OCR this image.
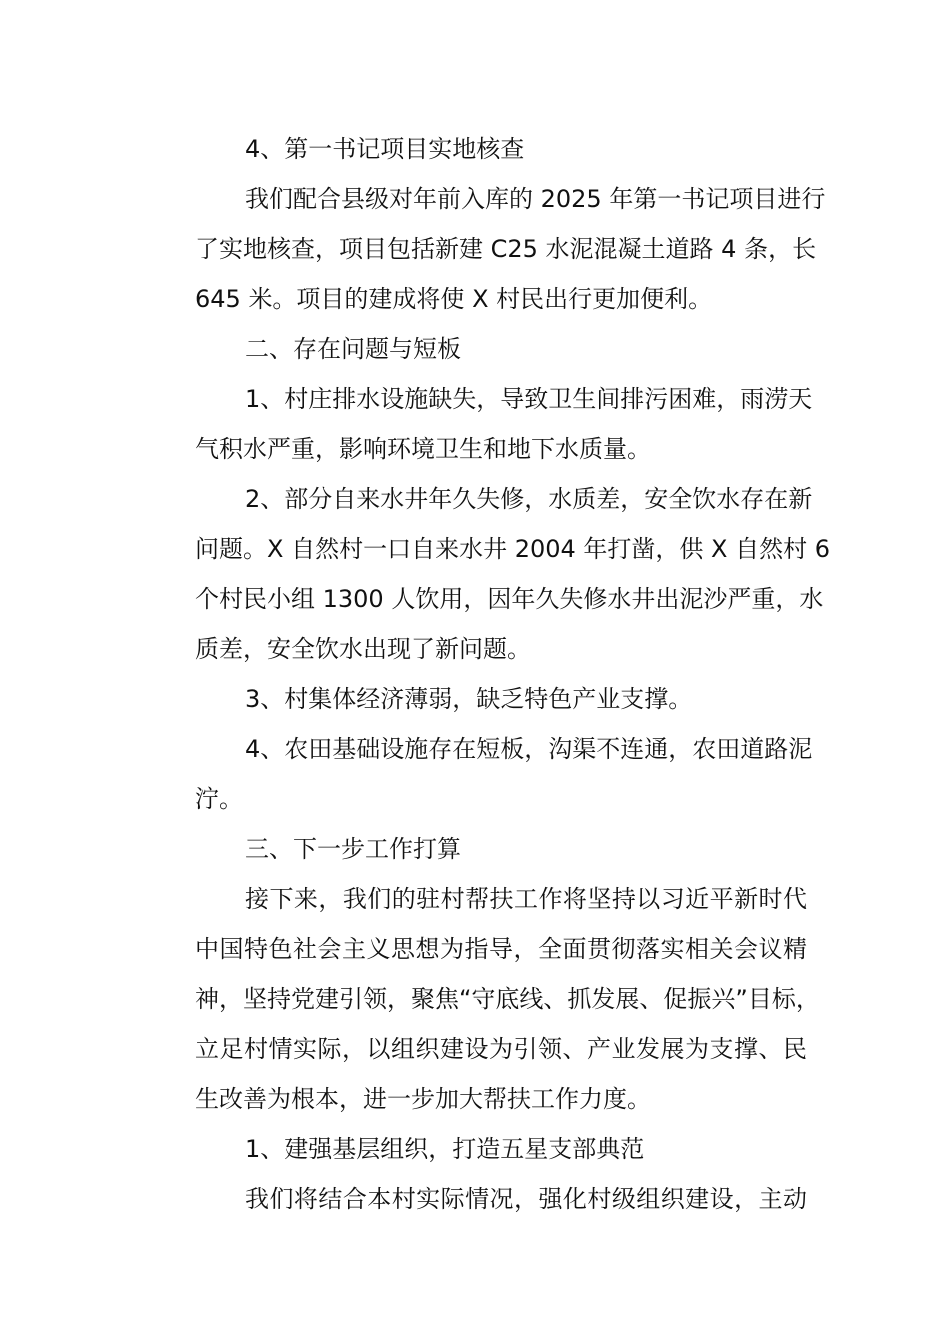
4、第一书记项目实地核查
我们配合县级对年前入库的 2025 年第一书记项目进行
了实地核查，项目包括新建 C25 水泥混凝土道路 4 条，长
645 米。项目的建成将使 X 村民出行更加便利。
二、存在问题与短板
1、村庄排水设施缺失，导致卫生间排污困难，雨涝天
气积水严重，影响环境卫生和地下水质量。
2、部分自来水井年久失修，水质差，安全饮水存在新
问题。X 自然村一口自来水井 2004 年打凿，供 X 自然村 6
个村民小组 1300 人饮用，因年久失修水井出泥沙严重，水
质差，安全饮水出现了新问题。
3、村集体经济薄弱，缺乏特色产业支撑。
4、农田基础设施存在短板，沟渠不连通，农田道路泥
泞。
三、下一步工作打算
接下来，我们的驻村帮扶工作将坚持以习近平新时代
中国特色社会主义思想为指导，全面贯彻落实相关会议精
神，坚持党建引领，聚焦“守底线、抓发展、促振兴”目标，
立足村情实际，以组织建设为引领、产业发展为支撑、民
生改善为根本，进一步加大帮扶工作力度。
1、建强基层组织，打造五星支部典范
我们将结合本村实际情况，强化村级组织建设，主动
